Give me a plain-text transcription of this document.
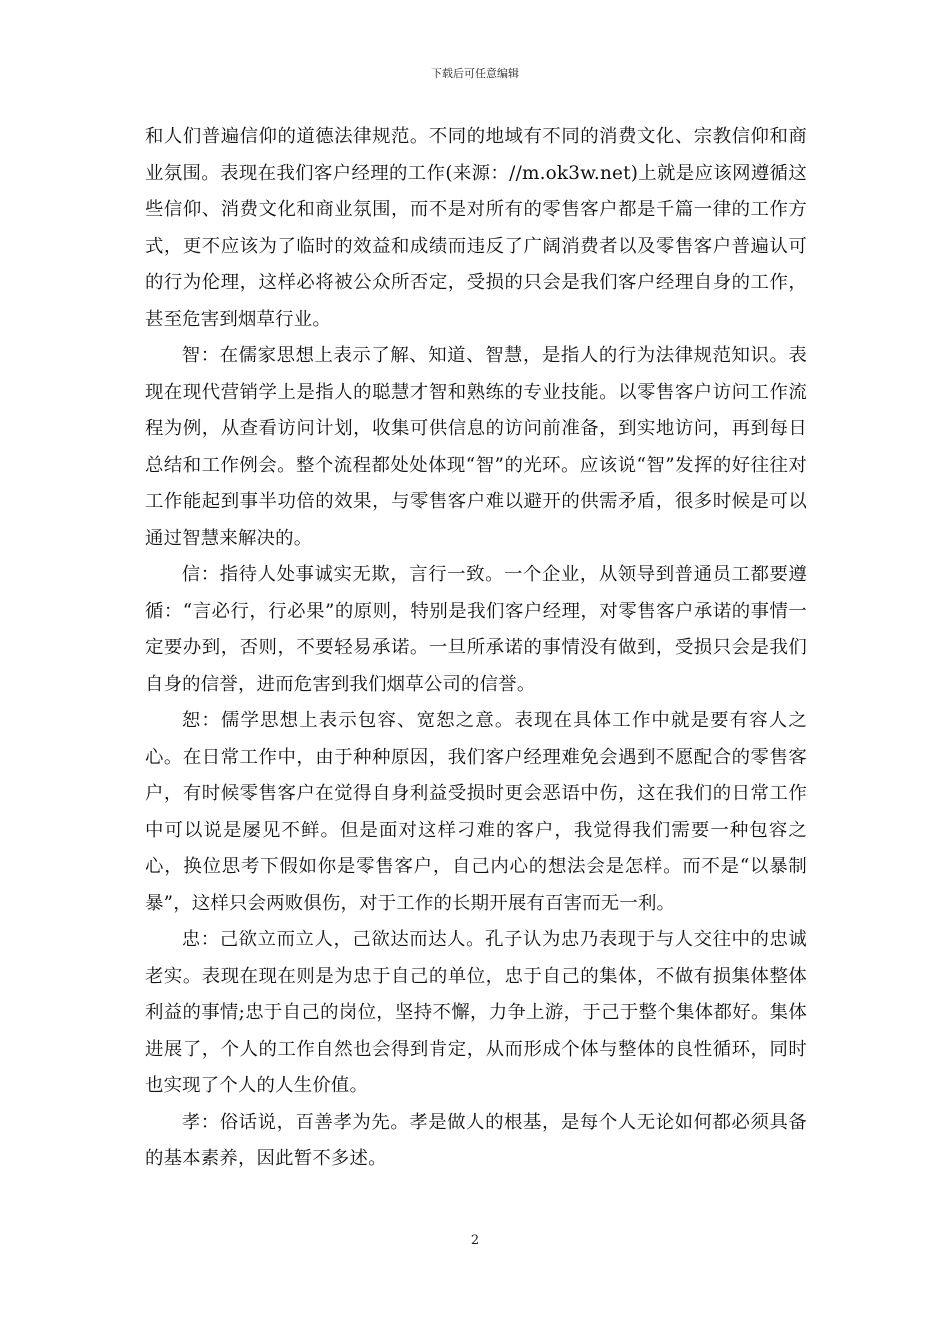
下载后可任意编辑

和人们普遍信仰的道德法律规范。不同的地域有不同的消费文化、宗教信仰和商业氛围。表现在我们客户经理的工作(来源：//m.ok3w.net)上就是应该网遵循这些信仰、消费文化和商业氛围，而不是对所有的零售客户都是千篇一律的工作方式，更不应该为了临时的效益和成绩而违反了广阔消费者以及零售客户普遍认可的行为伦理，这样必将被公众所否定，受损的只会是我们客户经理自身的工作，甚至危害到烟草行业。

智：在儒家思想上表示了解、知道、智慧，是指人的行为法律规范知识。表现在现代营销学上是指人的聪慧才智和熟练的专业技能。以零售客户访问工作流程为例，从查看访问计划，收集可供信息的访问前准备，到实地访问，再到每日总结和工作例会。整个流程都处处体现“智”的光环。应该说“智”发挥的好往往对工作能起到事半功倍的效果，与零售客户难以避开的供需矛盾，很多时候是可以通过智慧来解决的。

信：指待人处事诚实无欺，言行一致。一个企业，从领导到普通员工都要遵循：“言必行，行必果”的原则，特别是我们客户经理，对零售客户承诺的事情一定要办到，否则，不要轻易承诺。一旦所承诺的事情没有做到，受损只会是我们自身的信誉，进而危害到我们烟草公司的信誉。

恕：儒学思想上表示包容、宽恕之意。表现在具体工作中就是要有容人之心。在日常工作中，由于种种原因，我们客户经理难免会遇到不愿配合的零售客户，有时候零售客户在觉得自身利益受损时更会恶语中伤，这在我们的日常工作中可以说是屡见不鲜。但是面对这样刁难的客户，我觉得我们需要一种包容之心，换位思考下假如你是零售客户，自己内心的想法会是怎样。而不是“以暴制暴”，这样只会两败俱伤，对于工作的长期开展有百害而无一利。

忠：己欲立而立人，己欲达而达人。孔子认为忠乃表现于与人交往中的忠诚老实。表现在现在则是为忠于自己的单位，忠于自己的集体，不做有损集体整体利益的事情;忠于自己的岗位，坚持不懈，力争上游，于己于整个集体都好。集体进展了，个人的工作自然也会得到肯定，从而形成个体与整体的良性循环，同时也实现了个人的人生价值。

孝：俗话说，百善孝为先。孝是做人的根基，是每个人无论如何都必须具备的基本素养，因此暂不多述。

2
